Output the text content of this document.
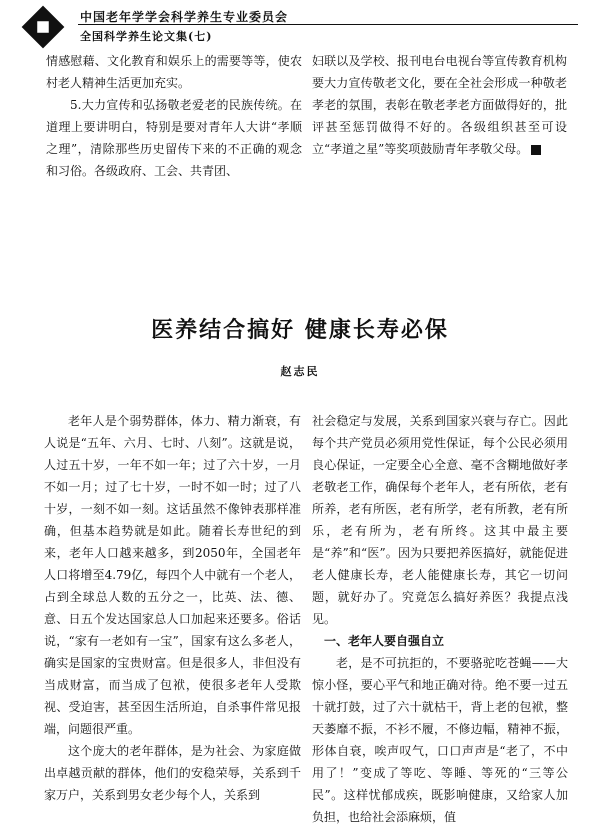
中国老年学学会科学养生专业委员会
全国科学养生论文集(七)

情感慰藉、文化教育和娱乐上的需要等等，使农村老人精神生活更加充实。

5.大力宣传和弘扬敬老爱老的民族传统。在道理上要讲明白，特别是要对青年人大讲“孝顺之理”，清除那些历史留传下来的不正确的观念和习俗。各级政府、工会、共青团、

妇联以及学校、报刊电台电视台等宣传教育机构要大力宣传敬老文化，要在全社会形成一种敬老孝老的氛围，表彰在敬老孝老方面做得好的，批评甚至惩罚做得不好的。各级组织甚至可设立“孝道之星”等奖项鼓励青年孝敬父母。

医养结合搞好 健康长寿必保
赵志民

老年人是个弱势群体，体力、精力渐衰，有人说是“五年、六月、七时、八刻”。这就是说，人过五十岁，一年不如一年；过了六十岁，一月不如一月；过了七十岁，一时不如一时；过了八十岁，一刻不如一刻。这话虽然不像钟表那样准确，但基本趋势就是如此。随着长寿世纪的到来，老年人口越来越多，到2050年，全国老年人口将增至4.79亿，每四个人中就有一个老人，占到全球总人数的五分之一，比英、法、德、意、日五个发达国家总人口加起来还要多。俗话说，“家有一老如有一宝”，国家有这么多老人，确实是国家的宝贵财富。但是很多人，非但没有当成财富，而当成了包袱，使很多老年人受欺视、受迫害，甚至因生活所迫，自杀事件常见报端，问题很严重。

这个庞大的老年群体，是为社会、为家庭做出卓越贡献的群体，他们的安稳荣辱，关系到千家万户，关系到男女老少每个人，关系到

社会稳定与发展，关系到国家兴衰与存亡。因此每个共产党员必须用党性保证，每个公民必须用良心保证，一定要全心全意、毫不含糊地做好孝老敬老工作，确保每个老年人，老有所依，老有所养，老有所医，老有所学，老有所教，老有所乐，老有所为，老有所终。这其中最主要是“养”和“医”。因为只要把养医搞好，就能促进老人健康长寿，老人能健康长寿，其它一切问题，就好办了。究竟怎么搞好养医？我提点浅见。

一、老年人要自强自立

老，是不可抗拒的，不要骆驼吃苍蝇——大惊小怪，要心平气和地正确对待。绝不要一过五十就打鼓，过了六十就枯干，背上老的包袱，整天萎靡不振，不衫不履，不修边幅，精神不振，形体自衰，唉声叹气，口口声声是“老了，不中用了！”变成了等吃、等睡、等死的“三等公民”。这样忧郁成疾，既影响健康，又给家人加负担，也给社会添麻烦，值
